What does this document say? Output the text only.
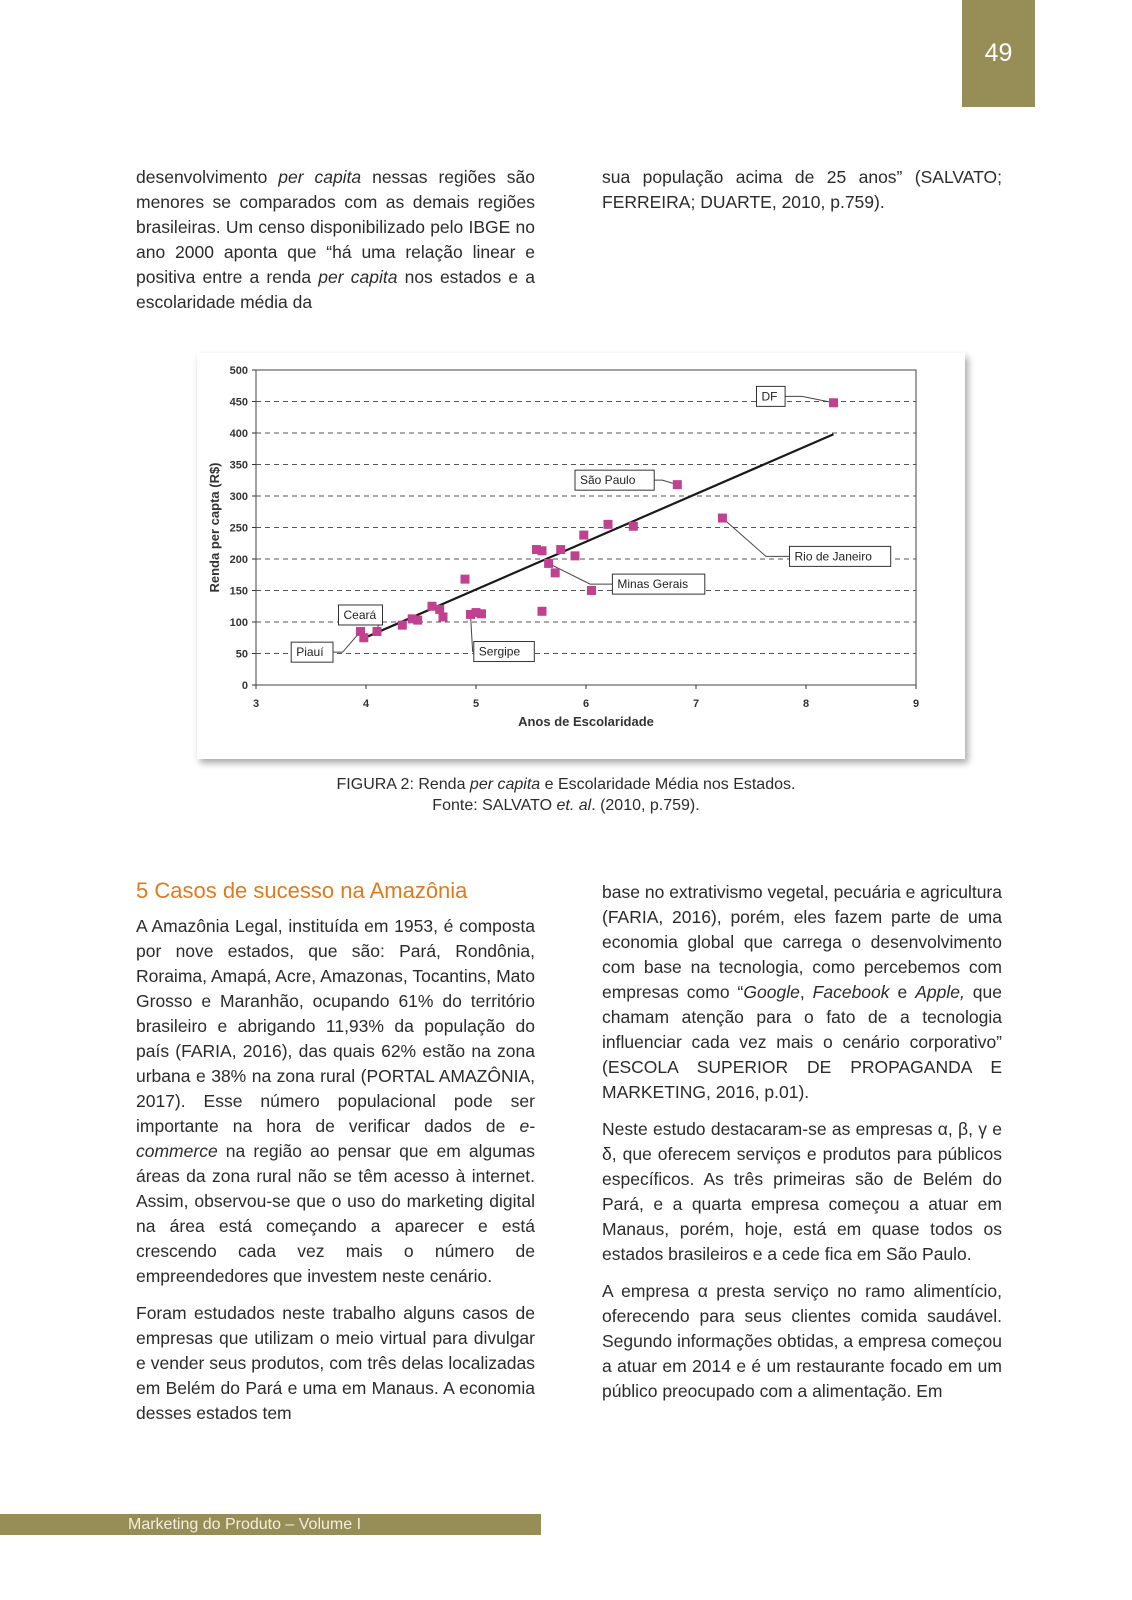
49

desenvolvimento per capita nessas regiões são menores se comparados com as demais regiões brasileiras. Um censo disponibilizado pelo IBGE no ano 2000 aponta que “há uma relação linear e positiva entre a renda per capita nos estados e a escolaridade média da

sua população acima de 25 anos” (SALVATO; FERREIRA; DUARTE, 2010, p.759).

0
50
100
150
200
250
300
350
400
450
500
3	4	5	6	7	8	9
Anos de Escolaridade
Renda per capta (R$)
Piauí
Ceará
Sergipe
Minas Gerais
São Paulo
Rio de Janeiro
DF
FIGURA 2: Renda per capita e Escolaridade Média nos Estados.
Fonte: SALVATO et. al. (2010, p.759).
5 Casos de sucesso na Amazônia

A Amazônia Legal, instituída em 1953, é composta por nove estados, que são: Pará, Rondônia, Roraima, Amapá, Acre, Amazonas, Tocantins, Mato Grosso e Maranhão, ocupando 61% do território brasileiro e abrigando 11,93% da população do país (FARIA, 2016), das quais 62% estão na zona urbana e 38% na zona rural (PORTAL AMAZÔNIA, 2017). Esse número populacional pode ser importante na hora de verificar dados de e-commerce na região ao pensar que em algumas áreas da zona rural não se têm acesso à internet. Assim, observou-se que o uso do marketing digital na área está começando a aparecer e está crescendo cada vez mais o número de empreendedores que investem neste cenário.

Foram estudados neste trabalho alguns casos de empresas que utilizam o meio virtual para divulgar e vender seus produtos, com três delas localizadas em Belém do Pará e uma em Manaus. A economia desses estados tem

base no extrativismo vegetal, pecuária e agricultura (FARIA, 2016), porém, eles fazem parte de uma economia global que carrega o desenvolvimento com base na tecnologia, como percebemos com empresas como “Google, Facebook e Apple, que chamam atenção para o fato de a tecnologia influenciar cada vez mais o cenário corporativo” (ESCOLA SUPERIOR DE PROPAGANDA E MARKETING, 2016, p.01).

Neste estudo destacaram-se as empresas α, β, γ e δ, que oferecem serviços e produtos para públicos específicos. As três primeiras são de Belém do Pará, e a quarta empresa começou a atuar em Manaus, porém, hoje, está em quase todos os estados brasileiros e a cede fica em São Paulo.

A empresa α presta serviço no ramo alimentício, oferecendo para seus clientes comida saudável. Segundo informações obtidas, a empresa começou a atuar em 2014 e é um restaurante focado em um público preocupado com a alimentação. Em

Marketing do Produto – Volume I
